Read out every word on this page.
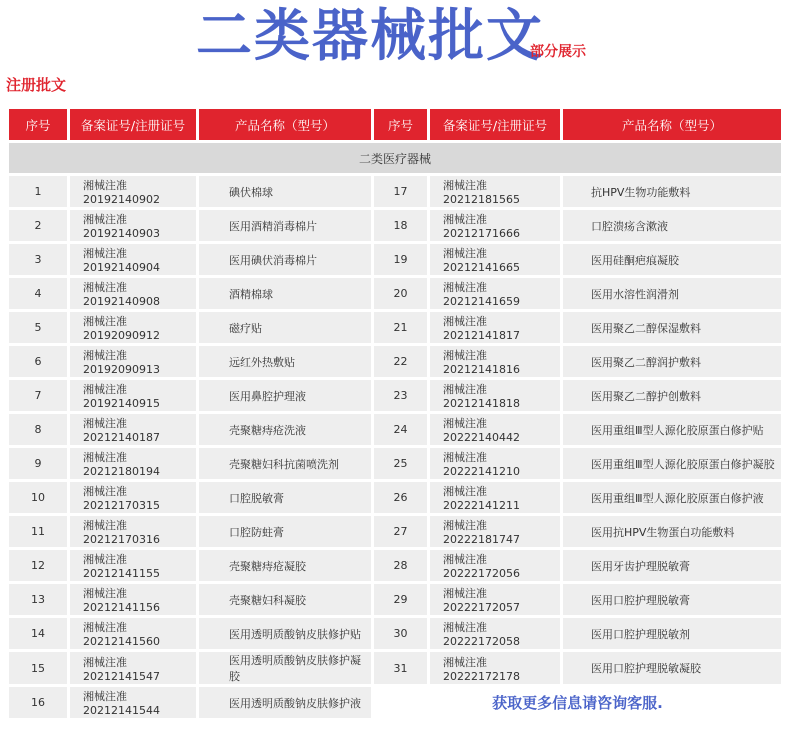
二类器械批文
部分展示
注册批文
序号	备案证号/注册证号	产品名称（型号）	序号	备案证号/注册证号	产品名称（型号）
二类医疗器械					
1	湘械注准20192140902	碘伏棉球	17	湘械注准20212181565	抗HPV生物功能敷料
2	湘械注准20192140903	医用酒精消毒棉片	18	湘械注准20212171666	口腔溃疡含漱液
3	湘械注准20192140904	医用碘伏消毒棉片	19	湘械注准20212141665	医用硅酮疤痕凝胶
4	湘械注准20192140908	酒精棉球	20	湘械注准20212141659	医用水溶性润滑剂
5	湘械注准20192090912	磁疗贴	21	湘械注准20212141817	医用聚乙二醇保湿敷料
6	湘械注准20192090913	远红外热敷贴	22	湘械注准20212141816	医用聚乙二醇润护敷料
7	湘械注准20192140915	医用鼻腔护理液	23	湘械注准20212141818	医用聚乙二醇护创敷料
8	湘械注准20212140187	壳聚糖痔疮洗液	24	湘械注准20222140442	医用重组Ⅲ型人源化胶原蛋白修护贴
9	湘械注准20212180194	壳聚糖妇科抗菌喷洗剂	25	湘械注准20222141210	医用重组Ⅲ型人源化胶原蛋白修护凝胶
10	湘械注准20212170315	口腔脱敏膏	26	湘械注准20222141211	医用重组Ⅲ型人源化胶原蛋白修护液
11	湘械注准20212170316	口腔防蛀膏	27	湘械注准20222181747	医用抗HPV生物蛋白功能敷料
12	湘械注准20212141155	壳聚糖痔疮凝胶	28	湘械注准20222172056	医用牙齿护理脱敏膏
13	湘械注准20212141156	壳聚糖妇科凝胶	29	湘械注准20222172057	医用口腔护理脱敏膏
14	湘械注准20212141560	医用透明质酸钠皮肤修护贴	30	湘械注准20222172058	医用口腔护理脱敏剂
15	湘械注准20212141547	医用透明质酸钠皮肤修护凝胶	31	湘械注准20222172178	医用口腔护理脱敏凝胶
16	湘械注准20212141544	医用透明质酸钠皮肤修护液	获取更多信息请咨询客服.		
